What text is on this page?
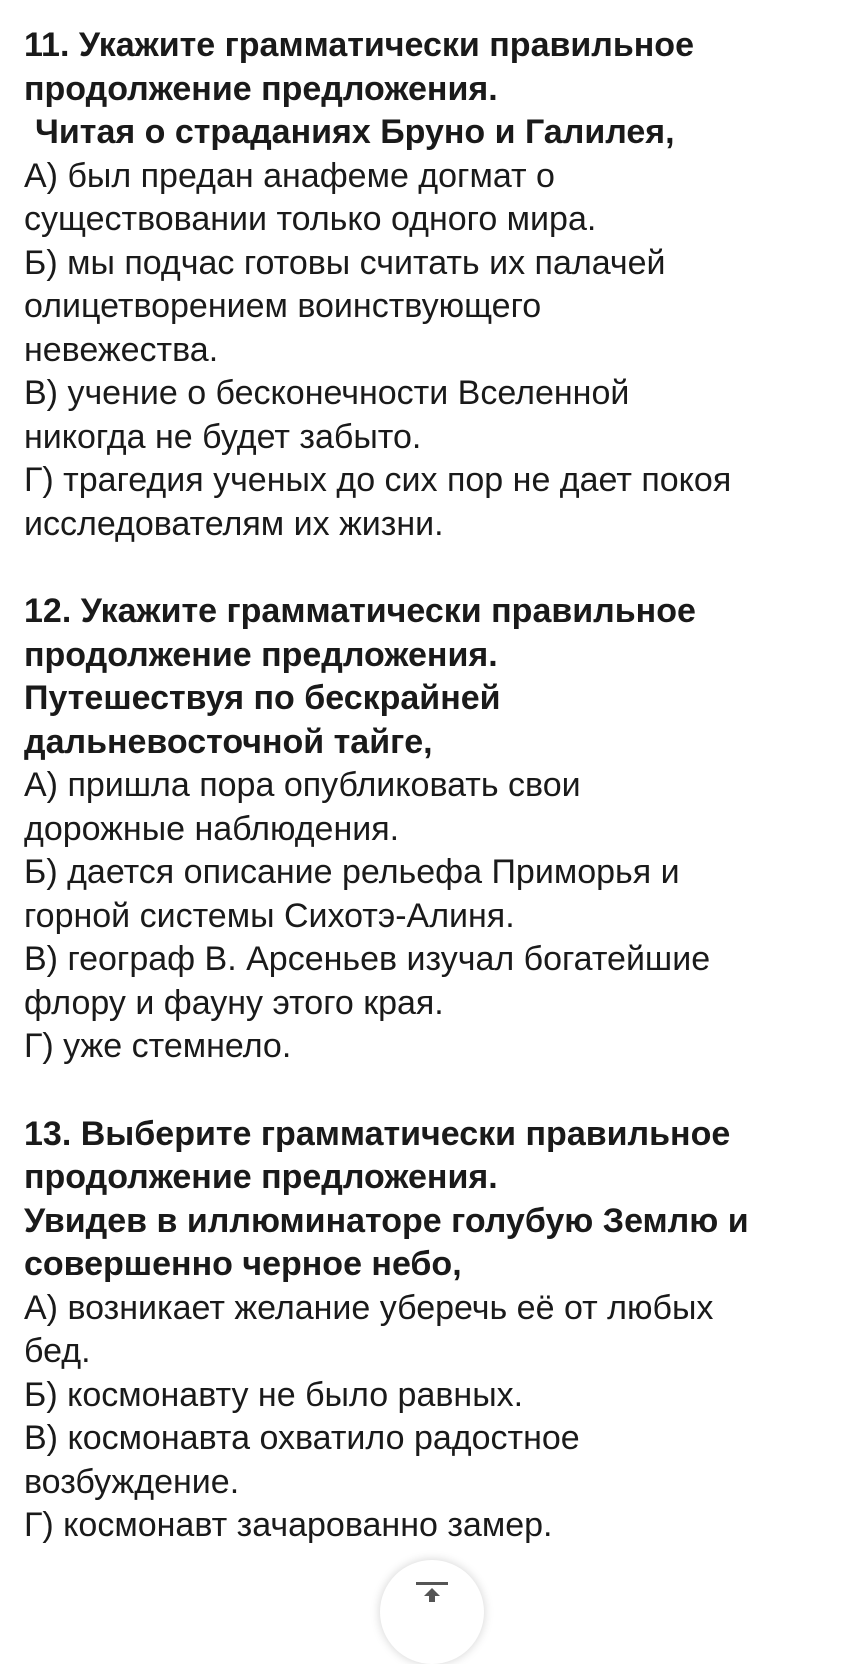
11. Укажите грамматически правильное
продолжение предложения.
Читая о страданиях Бруно и Галилея,
А) был предан анафеме догмат о
существовании только одного мира.
Б) мы подчас готовы считать их палачей
олицетворением воинствующего
невежества.
В) учение о бесконечности Вселенной
никогда не будет забыто.
Г) трагедия ученых до сих пор не дает покоя
исследователям их жизни.
12. Укажите грамматически правильное
продолжение предложения.
Путешествуя по бескрайней
дальневосточной тайге,
А) пришла пора опубликовать свои
дорожные наблюдения.
Б) дается описание рельефа Приморья и
горной системы Сихотэ-Алиня.
В) географ В. Арсеньев изучал богатейшие
флору и фауну этого края.
Г) уже стемнело.
13. Выберите грамматически правильное
продолжение предложения.
Увидев в иллюминаторе голубую Землю и
совершенно черное небо,
А) возникает желание уберечь её от любых
бед.
Б) космонавту не было равных.
В) космонавта охватило радостное
возбуждение.
Г) космонавт зачарованно замер.
